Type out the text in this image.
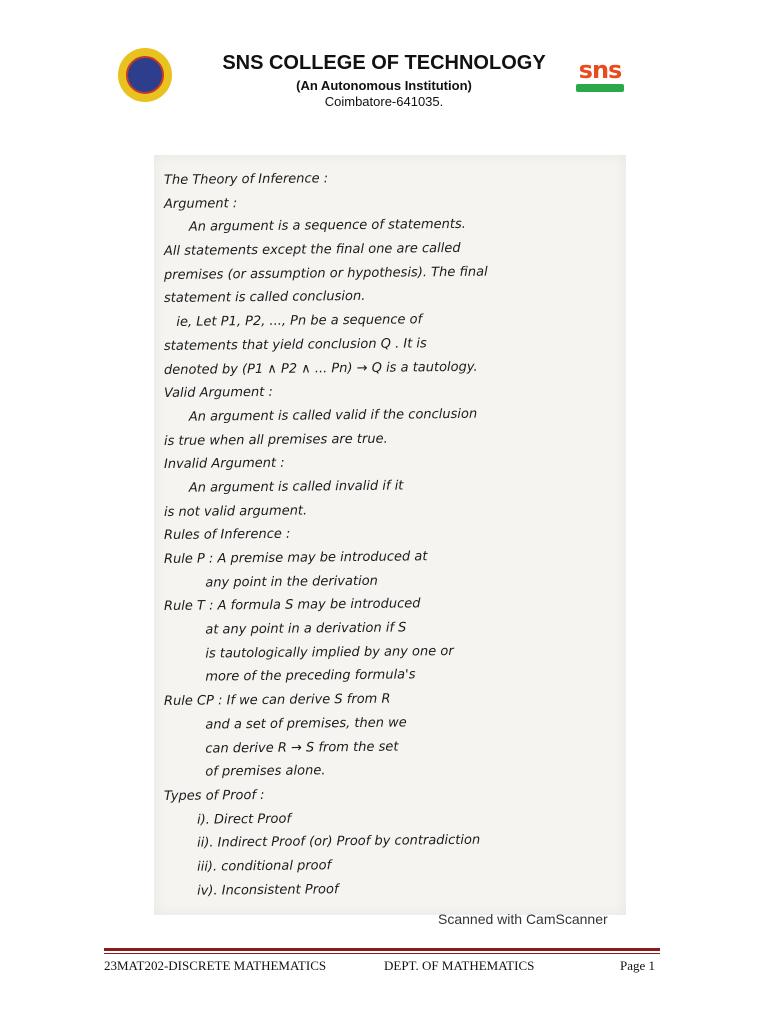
SNS COLLEGE OF TECHNOLOGY
(An Autonomous Institution)
Coimbatore-641035.
sns
The Theory of Inference :
Argument :
An argument is a sequence of statements.
All statements except the final one are called
premises (or assumption or hypothesis). The final
statement is called conclusion.
ie, Let P1, P2, ..., Pn be a sequence of
statements that yield conclusion Q . It is
denoted by (P1 ∧ P2 ∧ ... Pn) → Q is a tautology.
Valid Argument :
An argument is called valid if the conclusion
is true when all premises are true.
Invalid Argument :
An argument is called invalid if it
is not valid argument.
Rules of Inference :
Rule P : A premise may be introduced at
any point in the derivation
Rule T : A formula S may be introduced
at any point in a derivation if S
is tautologically implied by any one or
more of the preceding formula's
Rule CP : If we can derive S from R
and a set of premises, then we
can derive R → S from the set
of premises alone.
Types of Proof :
i). Direct Proof
ii). Indirect Proof (or) Proof by contradiction
iii). conditional proof
iv). Inconsistent Proof
Scanned with CamScanner
23MAT202-DISCRETE MATHEMATICS	DEPT. OF MATHEMATICS	Page 1
